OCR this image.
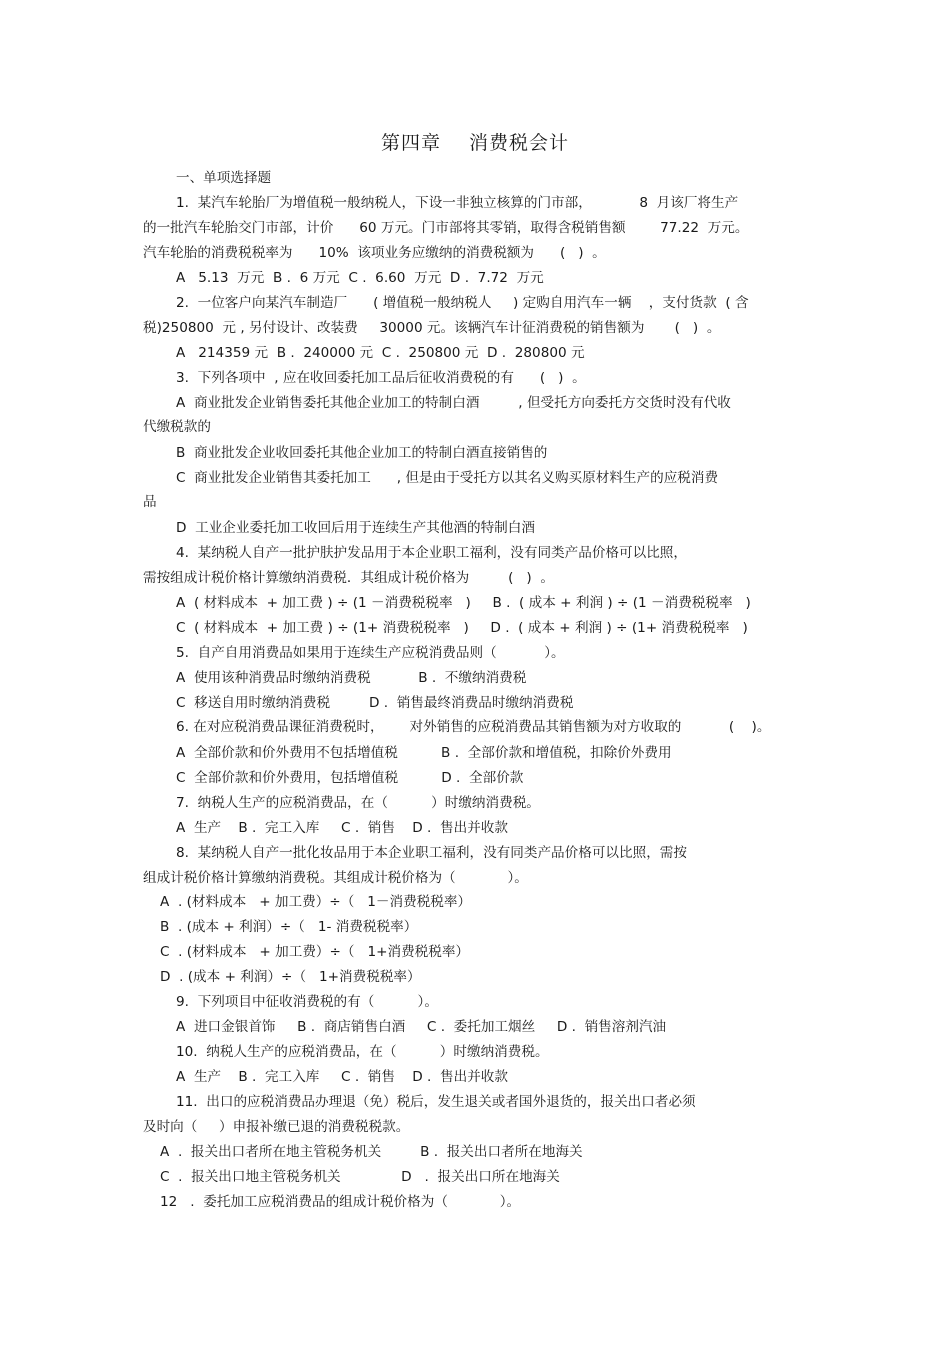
第四章 消费税会计
一、单项选择题
1.  某汽车轮胎厂为增值税一般纳税人，下设一非独立核算的门市部，           8  月该厂将生产
的一批汽车轮胎交门市部，计价      60 万元。门市部将其零销，取得含税销售额        77.22  万元。
汽车轮胎的消费税税率为      10%  该项业务应缴纳的消费税额为      (   )  。
A   5.13  万元  B .  6 万元  C .  6.60  万元  D .  7.72  万元
2.  一位客户向某汽车制造厂      ( 增值税一般纳税人     ) 定购自用汽车一辆    ，支付货款  ( 含
税)250800  元 , 另付设计、改装费     30000 元。该辆汽车计征消费税的销售额为       (   )  。
A   214359 元  B .  240000 元  C .  250800 元  D .  280800 元
3.  下列各项中  , 应在收回委托加工品后征收消费税的有      (   )  。
A  商业批发企业销售委托其他企业加工的特制白酒         , 但受托方向委托方交货时没有代收
代缴税款的
B  商业批发企业收回委托其他企业加工的特制白酒直接销售的
C  商业批发企业销售其委托加工      , 但是由于受托方以其名义购买原材料生产的应税消费
品
D  工业企业委托加工收回后用于连续生产其他酒的特制白酒
4.  某纳税人自产一批护肤护发品用于本企业职工福利，没有同类产品价格可以比照，
需按组成计税价格计算缴纳消费税．其组成计税价格为         (   )  。
A  ( 材料成本  + 加工费 ) ÷ (1 －消费税税率   )     B .  ( 成本 + 利润 ) ÷ (1 －消费税税率   )
C  ( 材料成本  + 加工费 ) ÷ (1+ 消费税税率   )     D .  ( 成本 + 利润 ) ÷ (1+ 消费税税率   )
5.  自产自用消费品如果用于连续生产应税消费品则（           ）。
A  使用该种消费品时缴纳消费税           B .  不缴纳消费税
C  移送自用时缴纳消费税         D .  销售最终消费品时缴纳消费税
6. 在对应税消费品课征消费税时，      对外销售的应税消费品其销售额为对方收取的           (    )。
A  全部价款和价外费用不包括增值税          B .  全部价款和增值税，扣除价外费用
C  全部价款和价外费用，包括增值税          D .  全部价款
7.  纳税人生产的应税消费品，在（          ）时缴纳消费税。
A  生产    B .  完工入库     C .  销售    D .  售出并收款
8.  某纳税人自产一批化妆品用于本企业职工福利，没有同类产品价格可以比照，需按
组成计税价格计算缴纳消费税。其组成计税价格为（            ）。
A  . (材料成本   + 加工费）÷（   1－消费税税率）
B  . (成本 + 利润）÷（   1- 消费税税率）
C  . (材料成本   + 加工费）÷（   1+消费税税率）
D  . (成本 + 利润）÷（   1+消费税税率）
9.  下列项目中征收消费税的有（          ）。
A  进口金银首饰     B .  商店销售白酒     C .  委托加工烟丝     D .  销售溶剂汽油
10.  纳税人生产的应税消费品，在（          ）时缴纳消费税。
A  生产    B .  完工入库     C .  销售    D .  售出并收款
11.  出口的应税消费品办理退（免）税后，发生退关或者国外退货的，报关出口者必须
及时向（     ）申报补缴已退的消费税税款。
A  .  报关出口者所在地主管税务机关         B .  报关出口者所在地海关
C  .  报关出口地主管税务机关              D   .  报关出口所在地海关
12   .  委托加工应税消费品的组成计税价格为（            ）。
